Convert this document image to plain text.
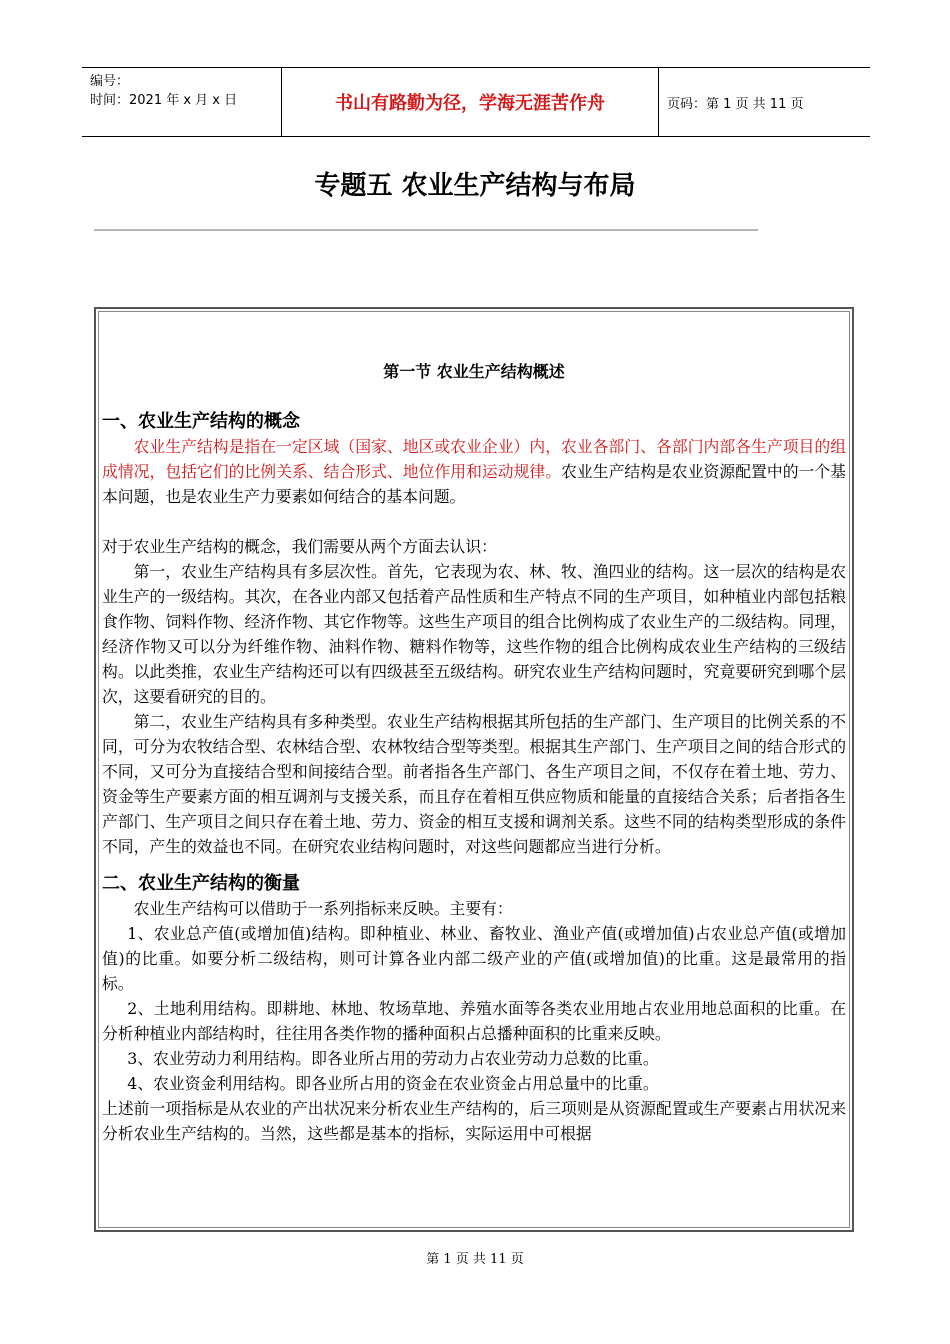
编号：
时间：2021 年 x 月 x 日	书山有路勤为径，学海无涯苦作舟	页码：第 1 页 共 11 页
专题五 农业生产结构与布局
第一节 农业生产结构概述
一、农业生产结构的概念

农业生产结构是指在一定区域（国家、地区或农业企业）内，农业各部门、各部门内部各生产项目的组成情况，包括它们的比例关系、结合形式、地位作用和运动规律。农业生产结构是农业资源配置中的一个基本问题，也是农业生产力要素如何结合的基本问题。

对于农业生产结构的概念，我们需要从两个方面去认识：

第一，农业生产结构具有多层次性。首先，它表现为农、林、牧、渔四业的结构。这一层次的结构是农业生产的一级结构。其次，在各业内部又包括着产品性质和生产特点不同的生产项目，如种植业内部包括粮食作物、饲料作物、经济作物、其它作物等。这些生产项目的组合比例构成了农业生产的二级结构。同理，经济作物又可以分为纤维作物、油料作物、糖料作物等，这些作物的组合比例构成农业生产结构的三级结构。以此类推，农业生产结构还可以有四级甚至五级结构。研究农业生产结构问题时，究竟要研究到哪个层次，这要看研究的目的。

第二，农业生产结构具有多种类型。农业生产结构根据其所包括的生产部门、生产项目的比例关系的不同，可分为农牧结合型、农林结合型、农林牧结合型等类型。根据其生产部门、生产项目之间的结合形式的不同，又可分为直接结合型和间接结合型。前者指各生产部门、各生产项目之间，不仅存在着土地、劳力、资金等生产要素方面的相互调剂与支援关系，而且存在着相互供应物质和能量的直接结合关系；后者指各生产部门、生产项目之间只存在着土地、劳力、资金的相互支援和调剂关系。这些不同的结构类型形成的条件不同，产生的效益也不同。在研究农业结构问题时，对这些问题都应当进行分析。

二、农业生产结构的衡量

农业生产结构可以借助于一系列指标来反映。主要有：

1、农业总产值(或增加值)结构。即种植业、林业、畜牧业、渔业产值(或增加值)占农业总产值(或增加值)的比重。如要分析二级结构，则可计算各业内部二级产业的产值(或增加值)的比重。这是最常用的指标。

2、土地利用结构。即耕地、林地、牧场草地、养殖水面等各类农业用地占农业用地总面积的比重。在分析种植业内部结构时，往往用各类作物的播种面积占总播种面积的比重来反映。

3、农业劳动力利用结构。即各业所占用的劳动力占农业劳动力总数的比重。

4、农业资金利用结构。即各业所占用的资金在农业资金占用总量中的比重。

上述前一项指标是从农业的产出状况来分析农业生产结构的，后三项则是从资源配置或生产要素占用状况来分析农业生产结构的。当然，这些都是基本的指标，实际运用中可根据

第 1 页 共 11 页
